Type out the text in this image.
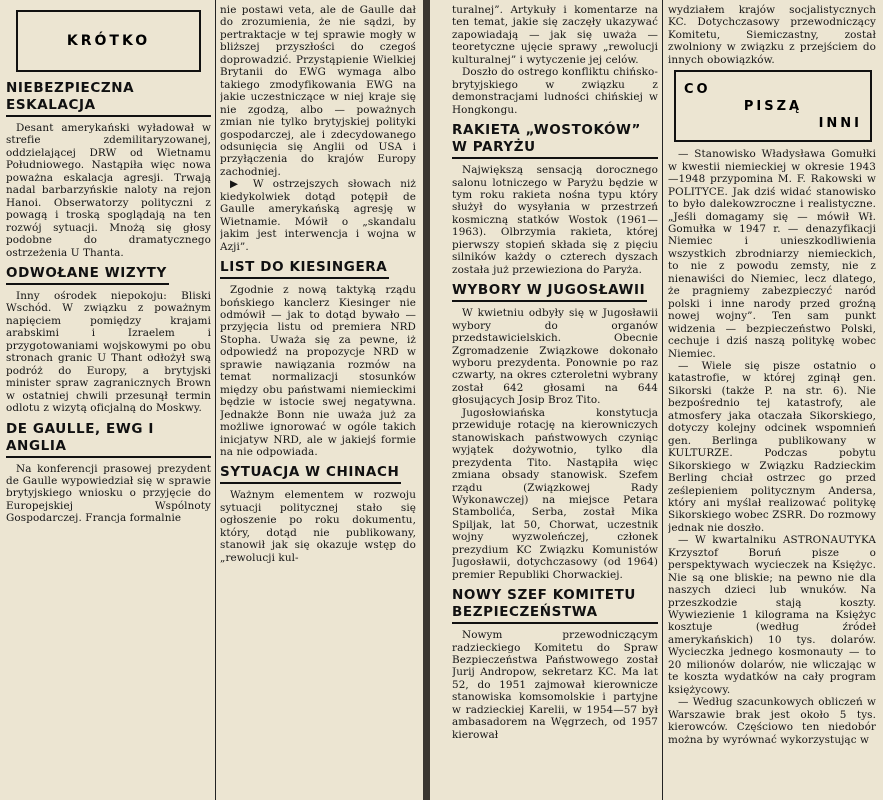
KRÓTKO
NIEBEZPIECZNA ESKALACJA

Desant amerykański wyładował w strefie zdemilitaryzowanej, oddzielającej DRW od Wietnamu Południowego. Nastąpiła więc nowa poważna eskalacja agresji. Trwają nadal barbarzyńskie naloty na rejon Hanoi. Obserwatorzy polityczni z powagą i troską spoglądają na ten rozwój sytuacji. Mnożą się głosy podobne do dramatycznego ostrzeżenia U Thanta.

ODWOŁANE WIZYTY

Inny ośrodek niepokoju: Bliski Wschód. W związku z poważnym napięciem pomiędzy krajami arabskimi i Izraelem i przygotowaniami wojskowymi po obu stronach granic U Thant odłożył swą podróż do Europy, a brytyjski minister spraw zagranicznych Brown w ostatniej chwili przesunął termin odlotu z wizytą oficjalną do Moskwy.

DE GAULLE, EWG I ANGLIA

Na konferencji prasowej prezydent de Gaulle wypowiedział się w sprawie brytyjskiego wniosku o przyjęcie do Europejskiej Wspólnoty Gospodarczej. Francja formalnie

nie postawi veta, ale de Gaulle dał do zrozumienia, że nie sądzi, by pertraktacje w tej sprawie mogły w bliższej przyszłości do czegoś doprowadzić. Przystąpienie Wielkiej Brytanii do EWG wymaga albo takiego zmodyfikowania EWG na jakie uczestniczące w niej kraje się nie zgodzą, albo — poważnych zmian nie tylko brytyjskiej polityki gospodarczej, ale i zdecydowanego odsunięcia się Anglii od USA i przyłączenia do krajów Europy zachodniej.

▶ W ostrzejszych słowach niż kiedykolwiek dotąd potępił de Gaulle amerykańską agresję w Wietnamie. Mówił o „skandalu jakim jest interwencja i wojna w Azji”.

LIST DO KIESINGERA

Zgodnie z nową taktyką rządu bońskiego kanclerz Kiesinger nie odmówił — jak to dotąd bywało — przyjęcia listu od premiera NRD Stopha. Uważa się za pewne, iż odpowiedź na propozycje NRD w sprawie nawiązania rozmów na temat normalizacji stosunków między obu państwami niemieckimi będzie w istocie swej negatywna. Jednakże Bonn nie uważa już za możliwe ignorować w ogóle takich inicjatyw NRD, ale w jakiejś formie na nie odpowiada.

SYTUACJA W CHINACH

Ważnym elementem w rozwoju sytuacji politycznej stało się ogłoszenie po roku dokumentu, który, dotąd nie publikowany, stanowił jak się okazuje wstęp do „rewolucji kul-

turalnej”. Artykuły i komentarze na ten temat, jakie się zaczęły ukazywać zapowiadają — jak się uważa — teoretyczne ujęcie sprawy „rewolucji kulturalnej” i wytyczenie jej celów.

Doszło do ostrego konfliktu chińsko-brytyjskiego w związku z demonstracjami ludności chińskiej w Hongkongu.

RAKIETA „WOSTOKÓW” W PARYŻU

Największą sensacją dorocznego salonu lotniczego w Paryżu będzie w tym roku rakieta nośna typu który służył do wysyłania w przestrzeń kosmiczną statków Wostok (1961—1963). Olbrzymia rakieta, której pierwszy stopień składa się z pięciu silników każdy o czterech dyszach została już przewieziona do Paryża.

WYBORY W JUGOSŁAWII

W kwietniu odbyły się w Jugosławii wybory do organów przedstawicielskich. Obecnie Zgromadzenie Związkowe dokonało wyboru prezydenta. Ponownie po raz czwarty, na okres czteroletni wybrany został 642 głosami na 644 głosujących Josip Broz Tito.

Jugosłowiańska konstytucja przewiduje rotację na kierowniczych stanowiskach państwowych czyniąc wyjątek dożywotnio, tylko dla prezydenta Tito. Nastąpiła więc zmiana obsady stanowisk. Szefem rządu (Związkowej Rady Wykonawczej) na miejsce Petara Stambolića, Serba, został Mika Spiljak, lat 50, Chorwat, uczestnik wojny wyzwoleńczej, członek prezydium KC Związku Komunistów Jugosławii, dotychczasowy (od 1964) premier Republiki Chorwackiej.

NOWY SZEF KOMITETU BEZPIECZEŃSTWA

Nowym przewodniczącym radzieckiego Komitetu do Spraw Bezpieczeństwa Państwowego został Jurij Andropow, sekretarz KC. Ma lat 52, do 1951 zajmował kierownicze stanowiska komsomolskie i partyjne w radzieckiej Karelii, w 1954—57 był ambasadorem na Węgrzech, od 1957 kierował

wydziałem krajów socjalistycznych KC. Dotychczasowy przewodniczący Komitetu, Siemiczastny, został zwolniony w związku z przejściem do innych obowiązków.

CO
PISZĄ
INNI

— Stanowisko Władysława Gomułki w kwestii niemieckiej w okresie 1943—1948 przypomina M. F. Rakowski w POLITYCE. Jak dziś widać stanowisko to było dalekowzroczne i realistyczne. „Jeśli domagamy się — mówił Wł. Gomułka w 1947 r. — denazyfikacji Niemiec i unieszkodliwienia wszystkich zbrodniarzy niemieckich, to nie z powodu zemsty, nie z nienawiści do Niemiec, lecz dlatego, że pragniemy zabezpieczyć naród polski i inne narody przed groźną nowej wojny”. Ten sam punkt widzenia — bezpieczeństwo Polski, cechuje i dziś naszą politykę wobec Niemiec.

— Wiele się pisze ostatnio o katastrofie, w której zginął gen. Sikorski (także P. na str. 6). Nie bezpośrednio tej katastrofy, ale atmosfery jaka otaczała Sikorskiego, dotyczy kolejny odcinek wspomnień gen. Berlinga publikowany w KULTURZE. Podczas pobytu Sikorskiego w Związku Radzieckim Berling chciał ostrzec go przed ześlepieniem politycznym Andersa, który ani myślał realizować politykę Sikorskiego wobec ZSRR. Do rozmowy jednak nie doszło.

— W kwartalniku ASTRONAUTYKA Krzysztof Boruń pisze o perspektywach wycieczek na Księżyc. Nie są one bliskie; na pewno nie dla naszych dzieci lub wnuków. Na przeszkodzie stają koszty. Wywiezienie 1 kilograma na Księżyc kosztuje (według źródeł amerykańskich) 10 tys. dolarów. Wycieczka jednego kosmonauty — to 20 milionów dolarów, nie wliczając w te koszta wydatków na cały program księżycowy.

— Według szacunkowych obliczeń w Warszawie brak jest około 5 tys. kierowców. Częściowo ten niedobór można by wyrównać wykorzystując w
